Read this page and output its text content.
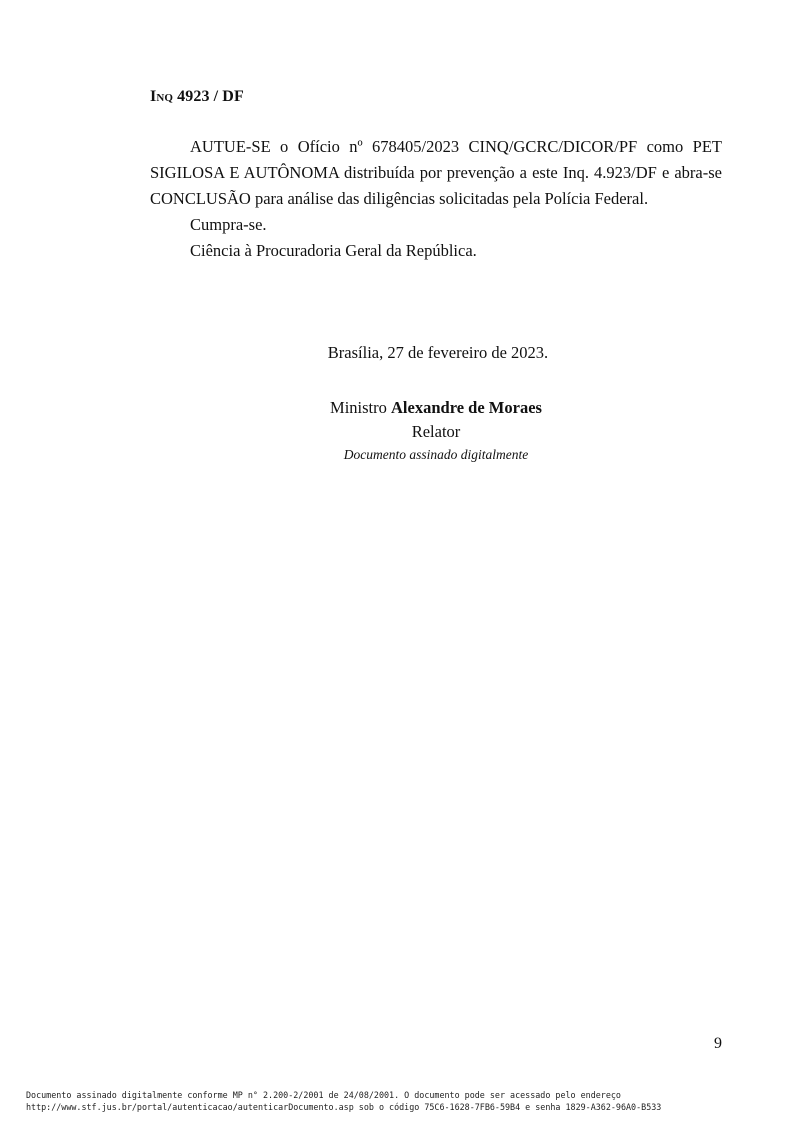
Inq 4923 / DF

AUTUE-SE o Ofício nº 678405/2023 CINQ/GCRC/DICOR/PF como PET SIGILOSA E AUTÔNOMA distribuída por prevenção a este Inq. 4.923/DF e abra-se CONCLUSÃO para análise das diligências solicitadas pela Polícia Federal.

Cumpra-se.

Ciência à Procuradoria Geral da República.

Brasília, 27 de fevereiro de 2023.
Ministro Alexandre de Moraes
Relator
Documento assinado digitalmente
9
Documento assinado digitalmente conforme MP n° 2.200-2/2001 de 24/08/2001. O documento pode ser acessado pelo endereço
http://www.stf.jus.br/portal/autenticacao/autenticarDocumento.asp sob o código 75C6-1628-7FB6-59B4 e senha 1829-A362-96A0-B533
